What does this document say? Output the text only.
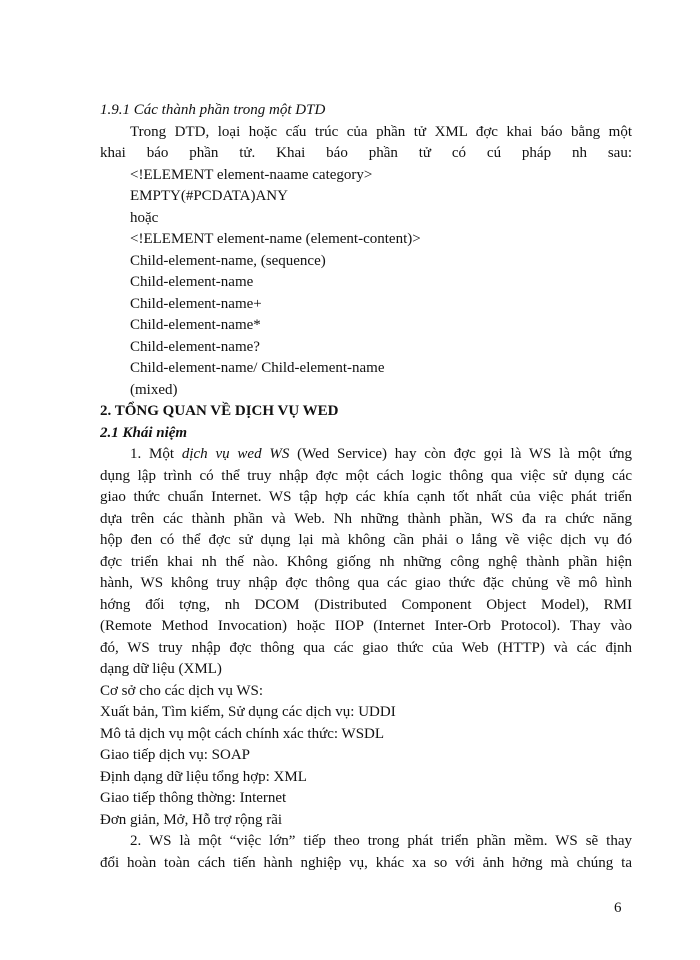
1.9.1 Các thành phần trong một DTD
Trong DTD, loại hoặc cấu trúc của phần tử XML đợc khai báo bằng một
khai báo phần tử. Khai báo phần tử có cú pháp nh sau:
<!ELEMENT element-naame category>
EMPTY(#PCDATA)ANY
hoặc
<!ELEMENT element-name (element-content)>
Child-element-name, (sequence)
Child-element-name
Child-element-name+
Child-element-name*
Child-element-name?
Child-element-name/ Child-element-name
(mixed)
2. TỔNG QUAN VỀ DỊCH VỤ WED
2.1 Khái niệm
1. Một dịch vụ wed WS (Wed Service) hay còn đợc gọi là WS là một ứng
dụng lập trình có thể truy nhập đợc một cách logic thông qua việc sử dụng các
giao thức chuẩn Internet. WS tập hợp các khía cạnh tốt nhất của việc phát triển
dựa trên các thành phần và Web. Nh những thành phần, WS đa ra chức năng
hộp đen có thể đợc sử dụng lại mà không cần phải o lắng về việc dịch vụ đó
đợc triển khai nh thế nào. Không giống nh những công nghệ thành phần hiện
hành, WS không truy nhập đợc thông qua các giao thức đặc chủng về mô hình
hớng đối tợng, nh DCOM (Distributed Component Object Model), RMI
(Remote Method Invocation) hoặc IIOP (Internet Inter-Orb Protocol). Thay vào
đó, WS truy nhập đợc thông qua các giao thức của Web (HTTP) và các định
dạng dữ liệu (XML)
Cơ sở cho các dịch vụ WS:
Xuất bản, Tìm kiếm, Sử dụng các dịch vụ: UDDI
Mô tả dịch vụ một cách chính xác thức: WSDL
Giao tiếp dịch vụ: SOAP
Định dạng dữ liệu tổng hợp: XML
Giao tiếp thông thờng: Internet
Đơn giản, Mở, Hỗ trợ rộng rãi
2. WS là một “việc lớn” tiếp theo trong phát triển phần mềm. WS sẽ thay
đổi hoàn toàn cách tiến hành nghiệp vụ, khác xa so với ảnh hởng mà chúng ta
6
